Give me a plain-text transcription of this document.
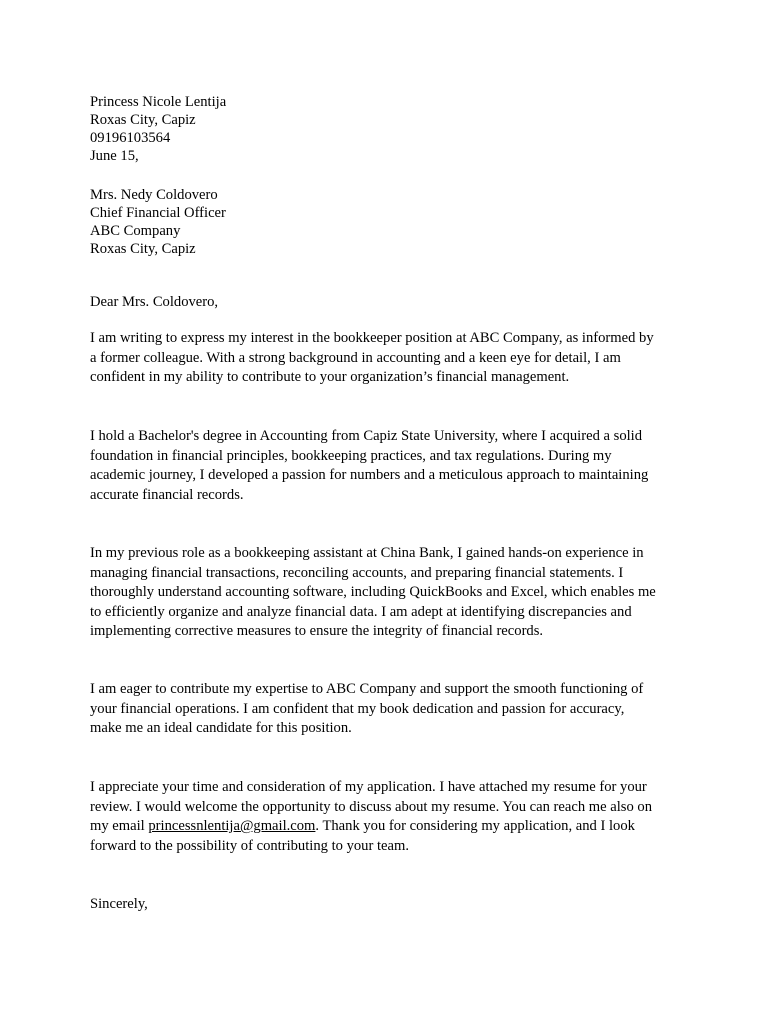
Princess Nicole Lentija
Roxas City, Capiz
09196103564
June 15,
Mrs. Nedy Coldovero
Chief Financial Officer
ABC Company
Roxas City, Capiz
Dear Mrs. Coldovero,
I am writing to express my interest in the bookkeeper position at ABC Company, as informed by
a former colleague. With a strong background in accounting and a keen eye for detail, I am
confident in my ability to contribute to your organization’s financial management.
I hold a Bachelor's degree in Accounting from Capiz State University, where I acquired a solid
foundation in financial principles, bookkeeping practices, and tax regulations. During my
academic journey, I developed a passion for numbers and a meticulous approach to maintaining
accurate financial records.
In my previous role as a bookkeeping assistant at China Bank, I gained hands-on experience in
managing financial transactions, reconciling accounts, and preparing financial statements. I
thoroughly understand accounting software, including QuickBooks and Excel, which enables me
to efficiently organize and analyze financial data. I am adept at identifying discrepancies and
implementing corrective measures to ensure the integrity of financial records.
I am eager to contribute my expertise to ABC Company and support the smooth functioning of
your financial operations. I am confident that my book dedication and passion for accuracy,
make me an ideal candidate for this position.
I appreciate your time and consideration of my application. I have attached my resume for your
review. I would welcome the opportunity to discuss about my resume. You can reach me also on
my email princessnlentija@gmail.com. Thank you for considering my application, and I look
forward to the possibility of contributing to your team.
Sincerely,
